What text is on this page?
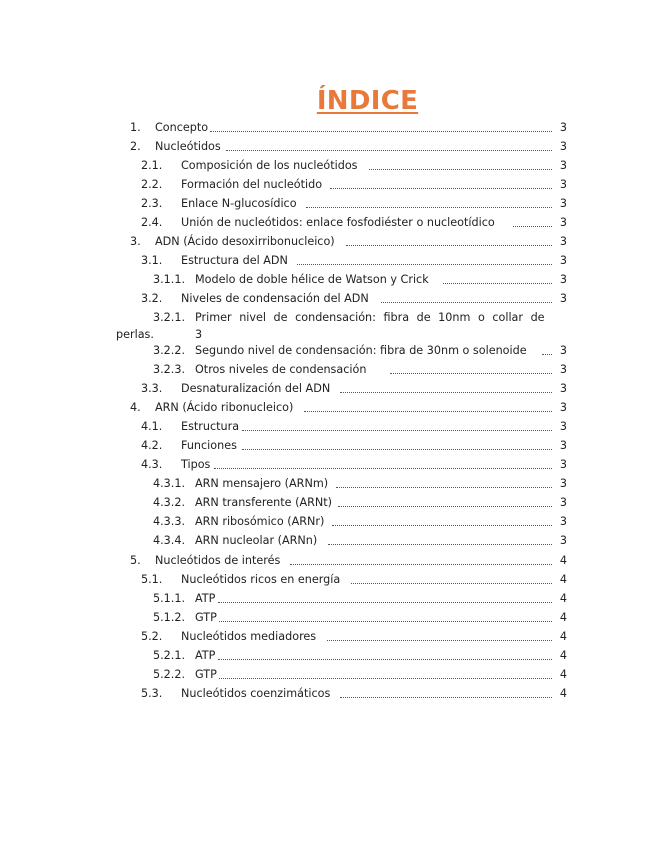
ÍNDICE
1. Concepto	3
2. Nucleótidos	3
2.1. Composición de los nucleótidos	3
2.2. Formación del nucleótido	3
2.3. Enlace N-glucosídico	3
2.4. Unión de nucleótidos: enlace fosfodiéster o nucleotídico	3
3. ADN (Ácido desoxirribonucleico)	3
3.1. Estructura del ADN	3
3.1.1. Modelo de doble hélice de Watson y Crick	3
3.2. Niveles de condensación del ADN	3
3.2.1. Primer nivel de condensación: fibra de 10nm o collar de
perlas.	3
3.2.2. Segundo nivel de condensación: fibra de 30nm o solenoide	3
3.2.3. Otros niveles de condensación	3
3.3. Desnaturalización del ADN	3
4. ARN (Ácido ribonucleico)	3
4.1. Estructura	3
4.2. Funciones	3
4.3. Tipos	3
4.3.1. ARN mensajero (ARNm)	3
4.3.2. ARN transferente (ARNt)	3
4.3.3. ARN ribosómico (ARNr)	3
4.3.4. ARN nucleolar (ARNn)	3
5. Nucleótidos de interés	4
5.1. Nucleótidos ricos en energía	4
5.1.1. ATP	4
5.1.2. GTP	4
5.2. Nucleótidos mediadores	4
5.2.1. ATP	4
5.2.2. GTP	4
5.3. Nucleótidos coenzimáticos	4
